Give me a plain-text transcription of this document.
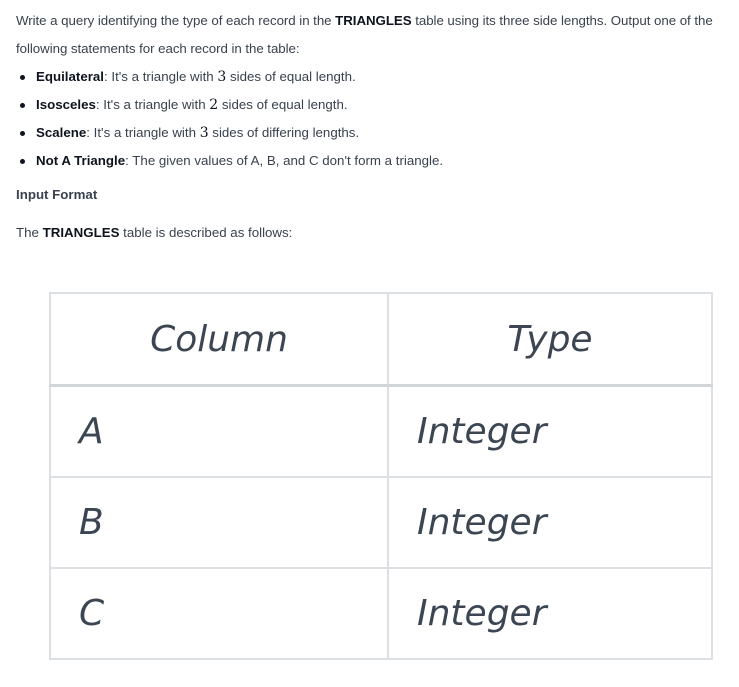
Write a query identifying the type of each record in the TRIANGLES table using its three side lengths. Output one of the following statements for each record in the table:

Equilateral: It's a triangle with 3 sides of equal length.
Isosceles: It's a triangle with 2 sides of equal length.
Scalene: It's a triangle with 3 sides of differing lengths.
Not A Triangle: The given values of A, B, and C don't form a triangle.

Input Format

The TRIANGLES table is described as follows:

Column	Type
A	Integer
B	Integer
C	Integer
